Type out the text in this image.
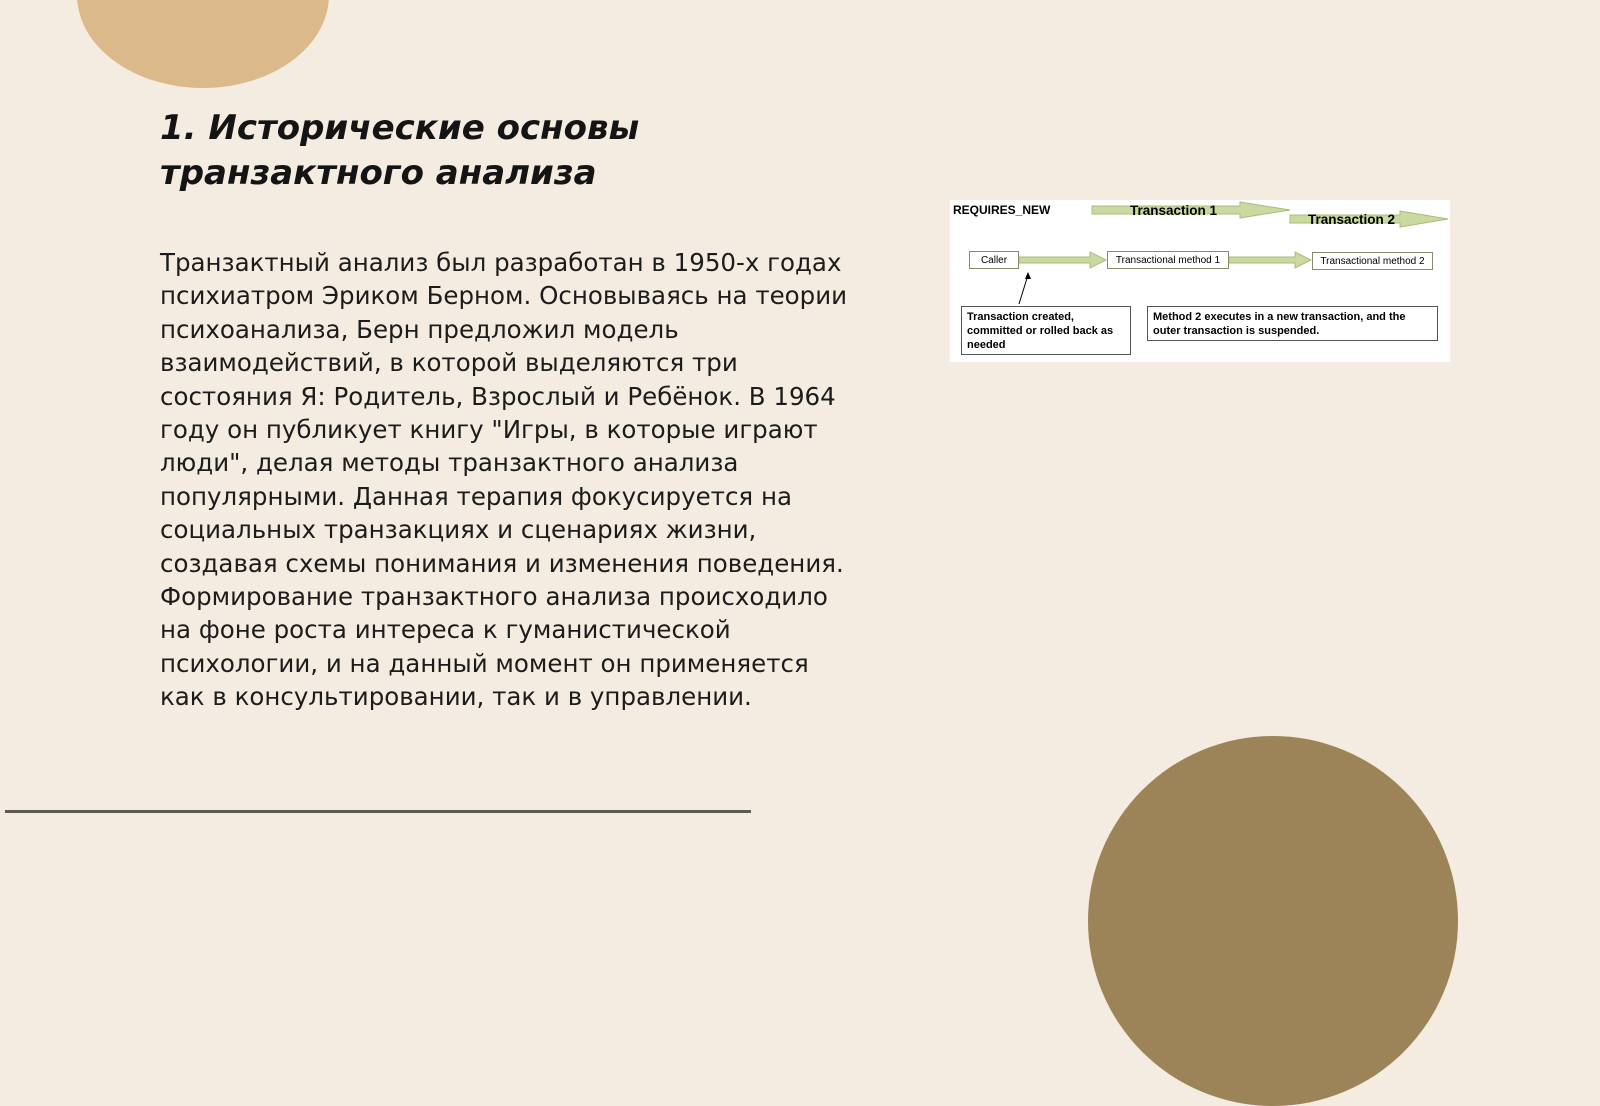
1. Исторические основы транзактного анализа

Транзактный анализ был разработан в 1950-х годах психиатром Эриком Берном. Основываясь на теории психоанализа, Берн предложил модель взаимодействий, в которой выделяются три состояния Я: Родитель, Взрослый и Ребёнок. В 1964 году он публикует книгу "Игры, в которые играют люди", делая методы транзактного анализа популярными. Данная терапия фокусируется на социальных транзакциях и сценариях жизни, создавая схемы понимания и изменения поведения. Формирование транзактного анализа происходило на фоне роста интереса к гуманистической психологии, и на данный момент он применяется как в консультировании, так и в управлении.

REQUIRES_NEW	Transaction 1
Transaction 2
Caller	Transactional method 1	Transactional method 2
Transaction created, committed or rolled back as needed
Method 2 executes in a new transaction, and the outer transaction is suspended.
